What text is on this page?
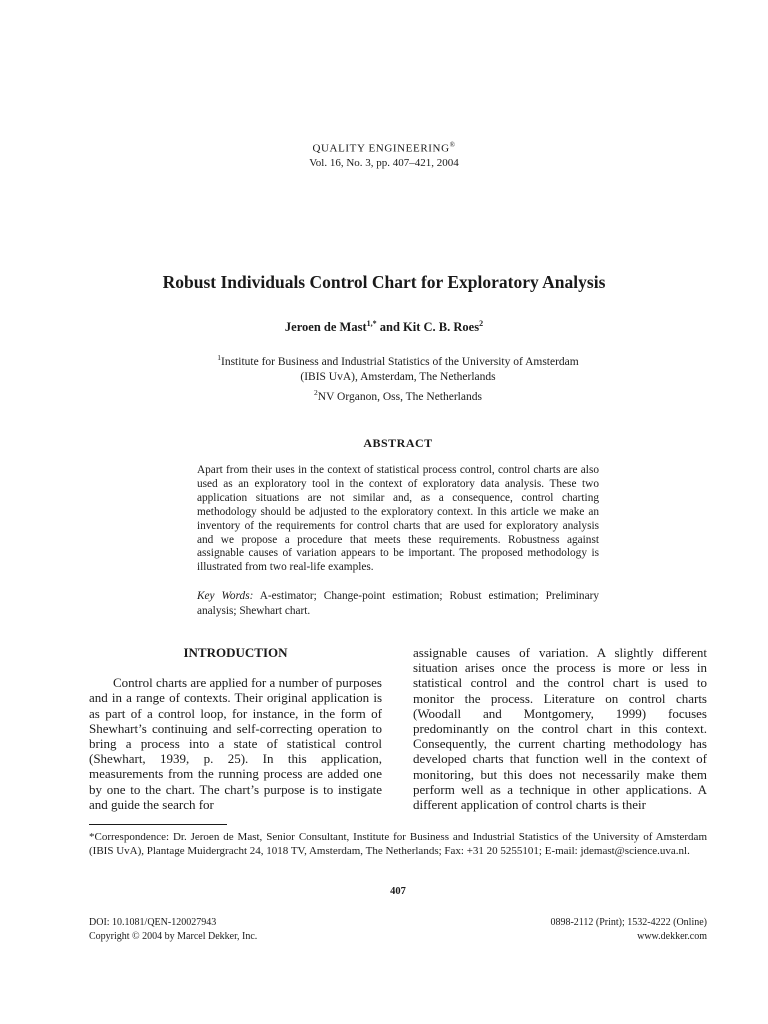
QUALITY ENGINEERING®
Vol. 16, No. 3, pp. 407–421, 2004
Robust Individuals Control Chart for Exploratory Analysis
Jeroen de Mast$^{1,*}$ and Kit C. B. Roes$^2$
$^1$Institute for Business and Industrial Statistics of the University of Amsterdam
(IBIS UvA), Amsterdam, The Netherlands
$^2$NV Organon, Oss, The Netherlands
ABSTRACT
Apart from their uses in the context of statistical process control, control charts are also used as an exploratory tool in the context of exploratory data analysis. These two application situations are not similar and, as a consequence, control charting methodology should be adjusted to the exploratory context. In this article we make an inventory of the requirements for control charts that are used for exploratory analysis and we propose a procedure that meets these requirements. Robustness against assignable causes of variation appears to be important. The proposed methodology is illustrated from two real-life examples.
Key Words: A-estimator; Change-point estimation; Robust estimation; Preliminary analysis; Shewhart chart.
INTRODUCTION

Control charts are applied for a number of purposes and in a range of contexts. Their original application is as part of a control loop, for instance, in the form of Shewhart’s continuing and self-correcting operation to bring a process into a state of statistical control (Shewhart, 1939, p. 25). In this application, measurements from the running process are added one by one to the chart. The chart’s purpose is to instigate and guide the search for

assignable causes of variation. A slightly different situation arises once the process is more or less in statistical control and the control chart is used to monitor the process. Literature on control charts (Woodall and Montgomery, 1999) focuses predominantly on the control chart in this context. Consequently, the current charting methodology has developed charts that function well in the context of monitoring, but this does not necessarily make them perform well as a technique in other applications. A different application of control charts is their

*Correspondence: Dr. Jeroen de Mast, Senior Consultant, Institute for Business and Industrial Statistics of the University of Amsterdam (IBIS UvA), Plantage Muidergracht 24, 1018 TV, Amsterdam, The Netherlands; Fax: +31 20 5255101; E-mail: jdemast@science.uva.nl.
407
DOI: 10.1081/QEN-120027943
Copyright © 2004 by Marcel Dekker, Inc.
0898-2112 (Print); 1532-4222 (Online)
www.dekker.com
